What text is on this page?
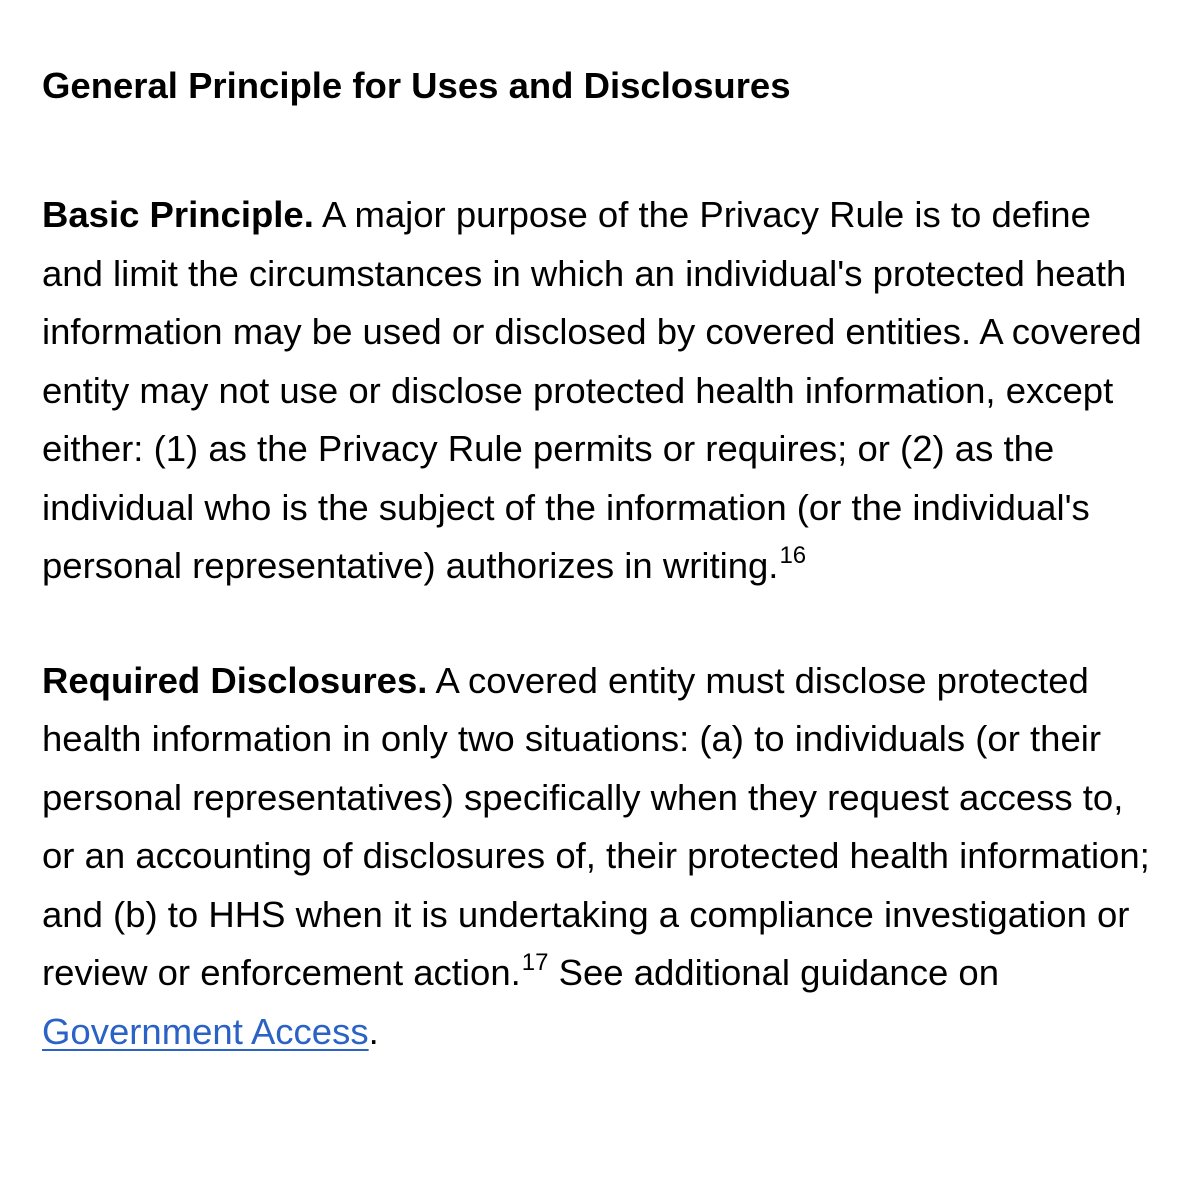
General Principle for Uses and Disclosures

Basic Principle. A major purpose of the Privacy Rule is to define and limit the circumstances in which an individual's protected heath information may be used or disclosed by covered entities. A covered entity may not use or disclose protected health information, except either: (1) as the Privacy Rule permits or requires; or (2) as the individual who is the subject of the information (or the individual's personal representative) authorizes in writing.$^{16}$

Required Disclosures. A covered entity must disclose protected health information in only two situations: (a) to individuals (or their personal representatives) specifically when they request access to, or an accounting of disclosures of, their protected health information; and (b) to HHS when it is undertaking a compliance investigation or review or enforcement action.$^{17}$ See additional guidance on Government Access.
